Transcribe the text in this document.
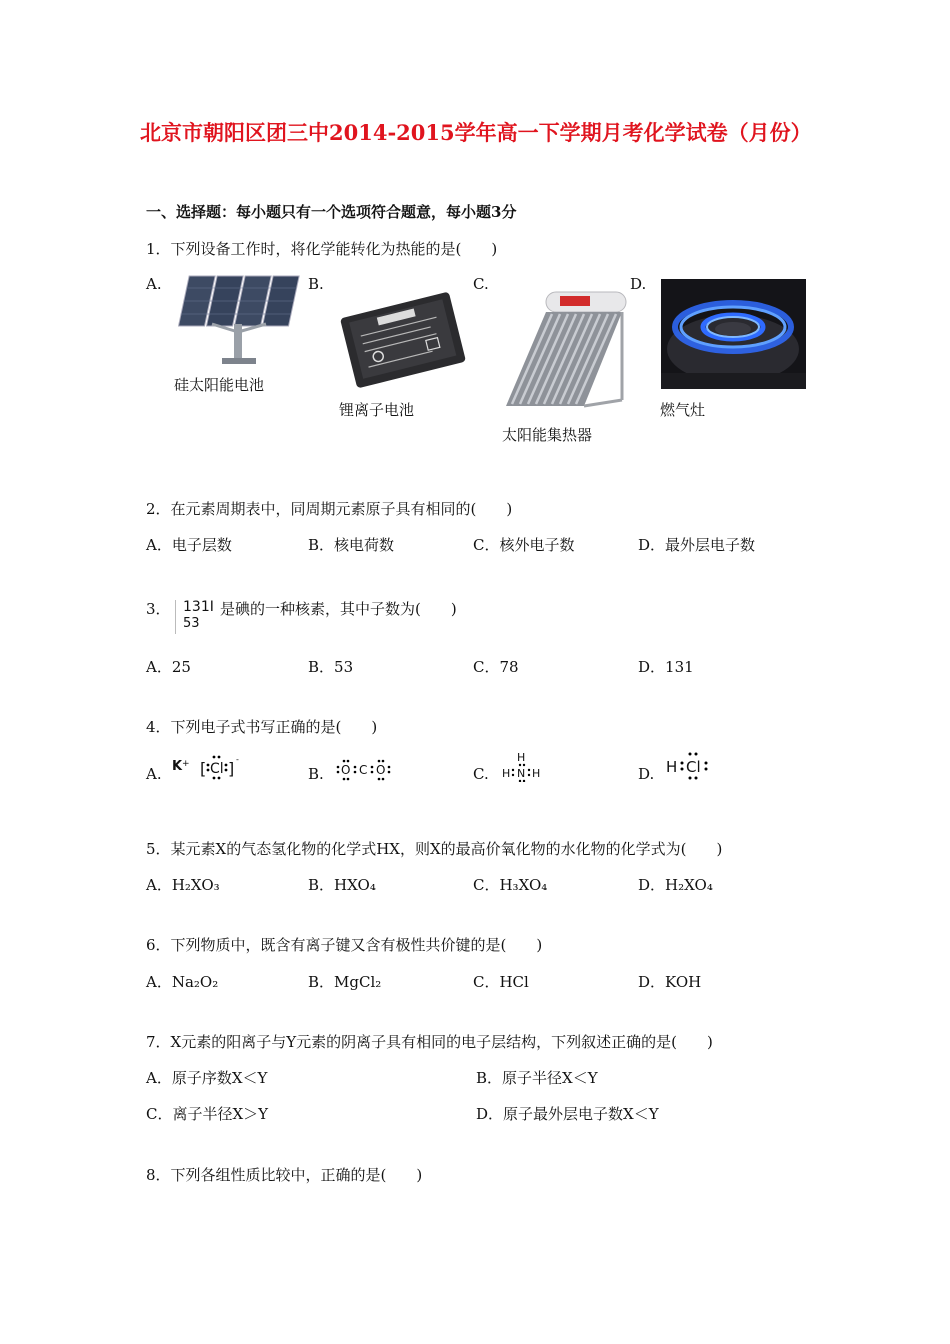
北京市朝阳区团三中2014-2015学年高一下学期月考化学试卷（月份）
一、选择题：每小题只有一个选项符合题意，每小题3分
1．下列设备工作时，将化学能转化为热能的是(　　)
A.	B.	C.	D.
硅太阳能电池
锂离子电池
太阳能集热器
燃气灶
2．在元素周期表中，同周期元素原子具有相同的(　　)
A．电子层数	B．核电荷数	C．核外电子数	D．最外层电子数
3． 131I
53
是碘的一种核素，其中子数为(　　)
A．25	B．53	C．78	D．131
4．下列电子式书写正确的是(　　)
A.	B.	C.	D.
K + [ Cl ] -
O C O
H
H N H	H Cl
5．某元素X的气态氢化物的化学式HX，则X的最高价氧化物的水化物的化学式为(　　)
A．H₂XO₃	B．HXO₄	C．H₃XO₄	D．H₂XO₄
6．下列物质中，既含有离子键又含有极性共价键的是(　　)
A．Na₂O₂	B．MgCl₂	C．HCl	D．KOH
7．X元素的阳离子与Y元素的阴离子具有相同的电子层结构，下列叙述正确的是(　　)
A．原子序数X＜Y	B．原子半径X＜Y
C．离子半径X＞Y	D．原子最外层电子数X＜Y
8．下列各组性质比较中，正确的是(　　)
